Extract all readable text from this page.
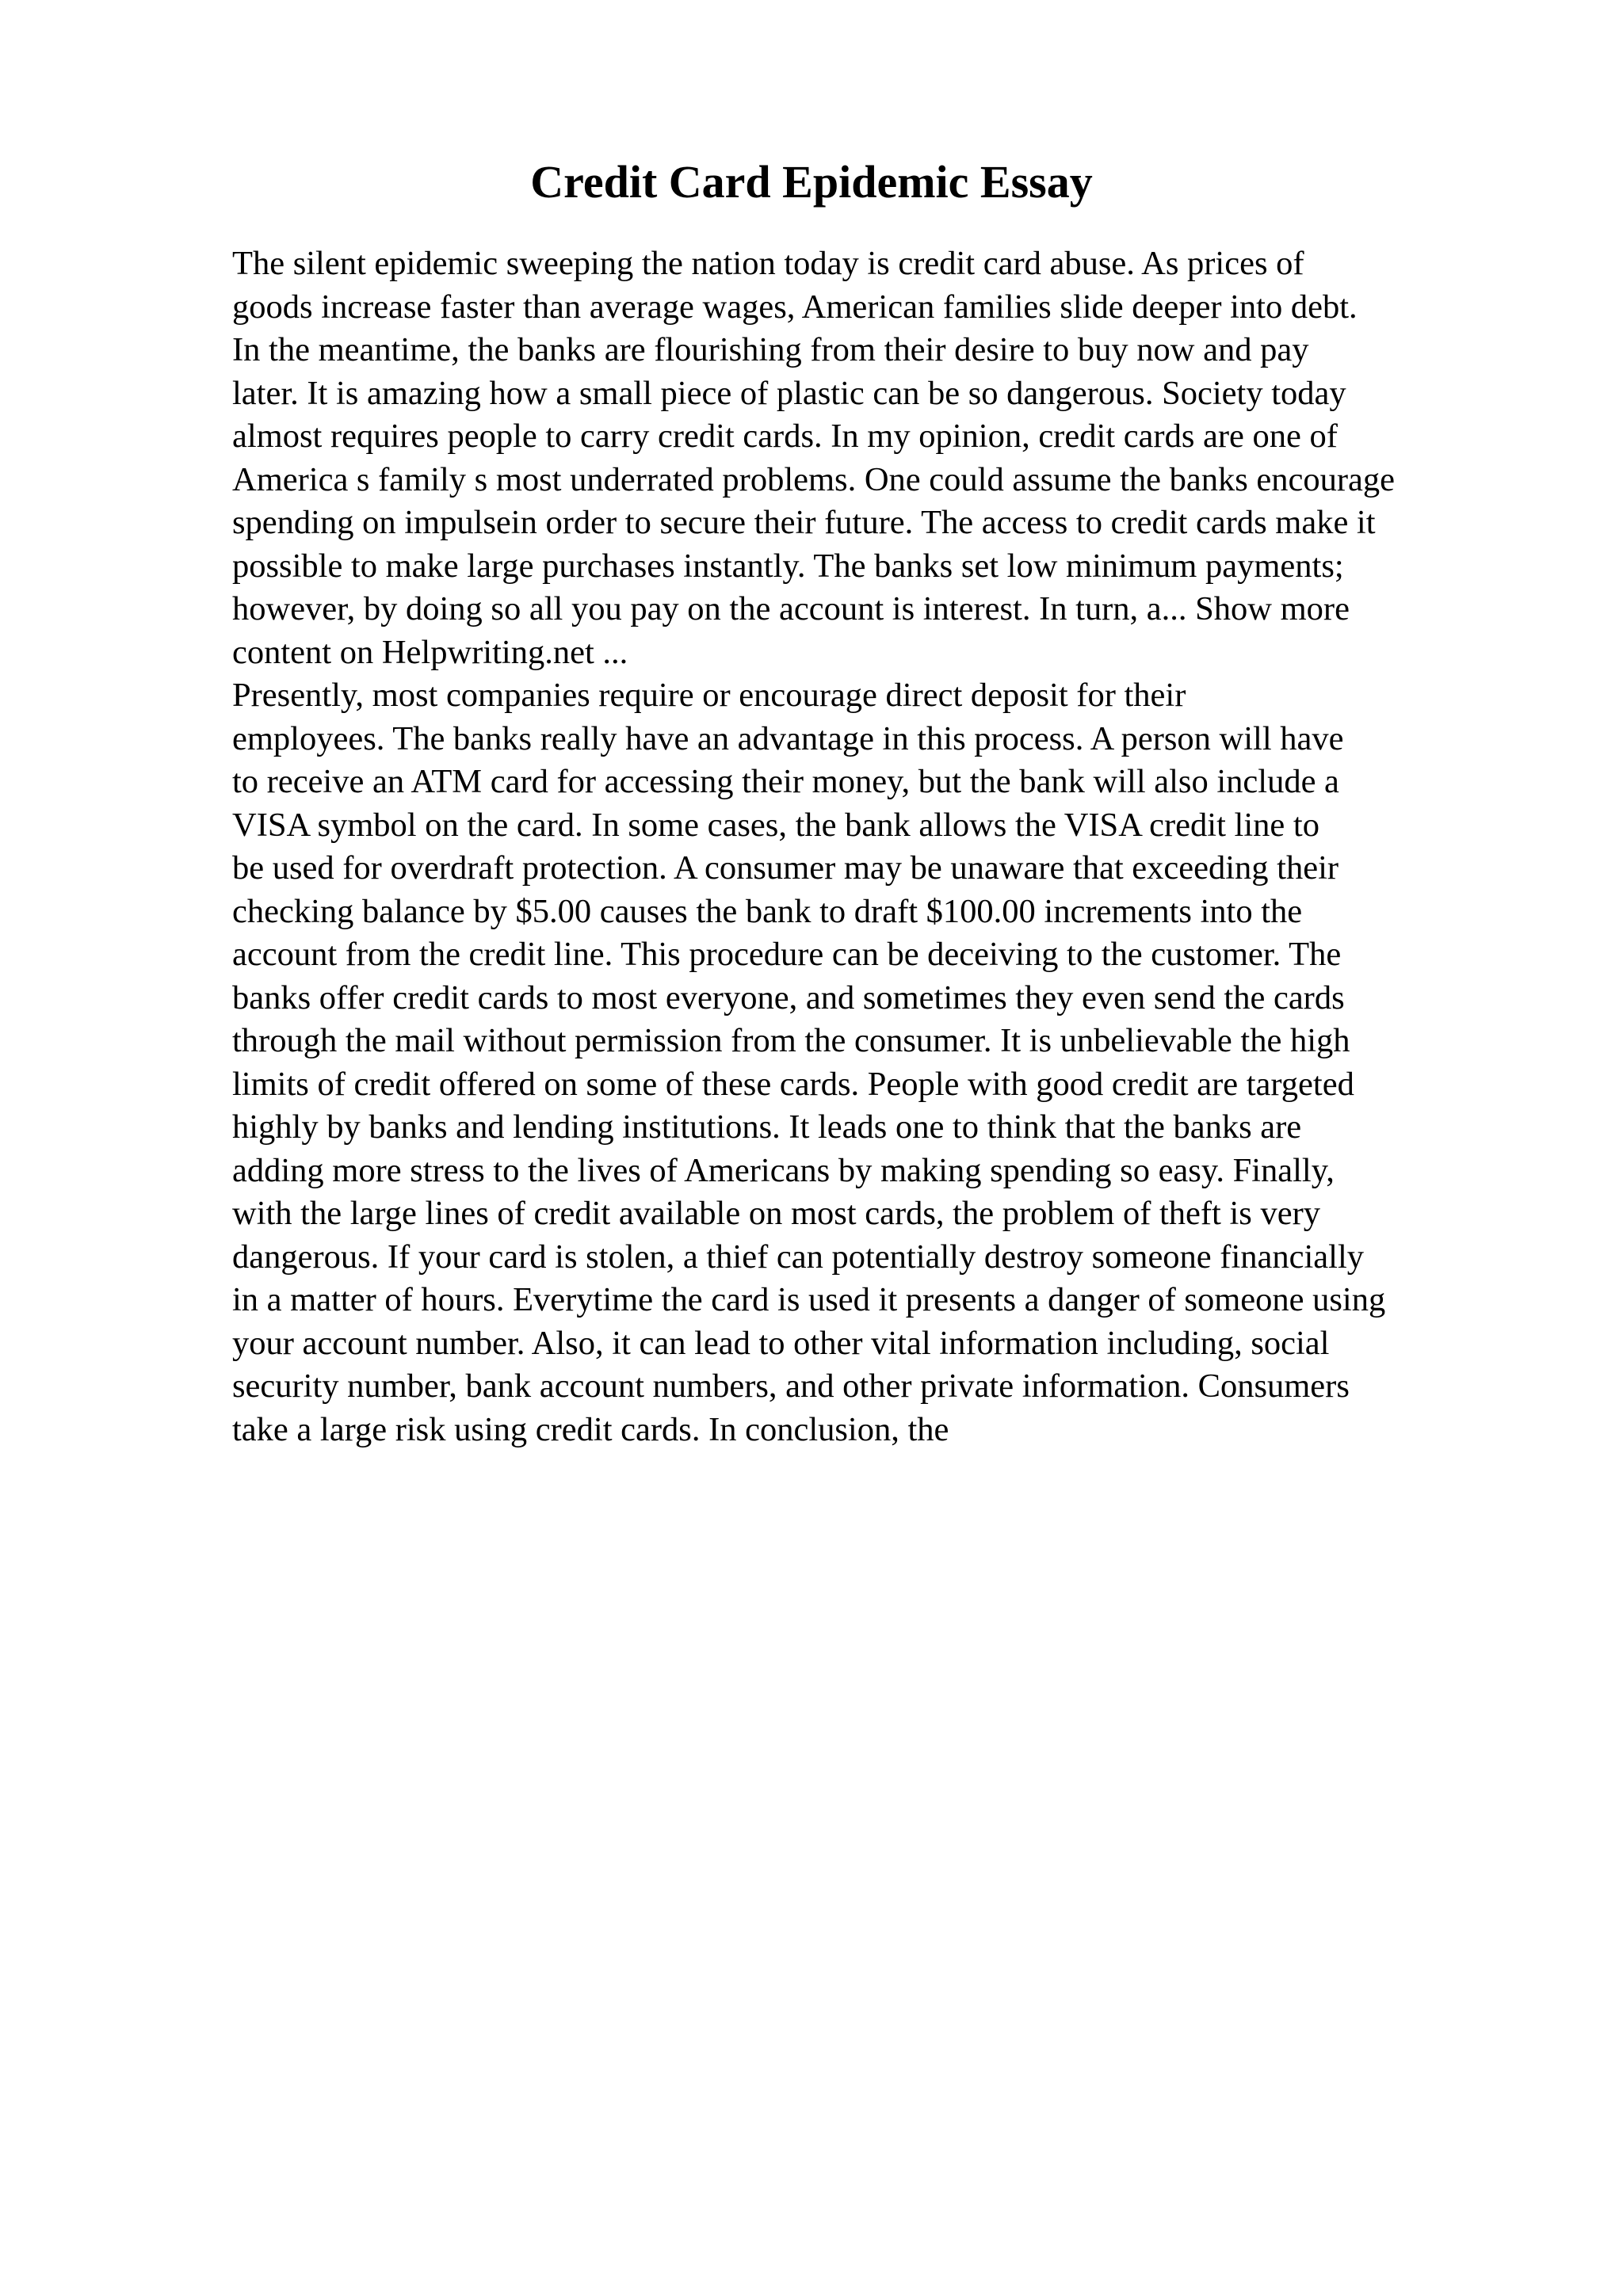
Credit Card Epidemic Essay
The silent epidemic sweeping the nation today is credit card abuse. As prices of
goods increase faster than average wages, American families slide deeper into debt.
In the meantime, the banks are flourishing from their desire to buy now and pay
later. It is amazing how a small piece of plastic can be so dangerous. Society today
almost requires people to carry credit cards. In my opinion, credit cards are one of
America s family s most underrated problems. One could assume the banks encourage
spending on impulsein order to secure their future. The access to credit cards make it
possible to make large purchases instantly. The banks set low minimum payments;
however, by doing so all you pay on the account is interest. In turn, a... Show more
content on Helpwriting.net ...
Presently, most companies require or encourage direct deposit for their
employees. The banks really have an advantage in this process. A person will have
to receive an ATM card for accessing their money, but the bank will also include a
VISA symbol on the card. In some cases, the bank allows the VISA credit line to
be used for overdraft protection. A consumer may be unaware that exceeding their
checking balance by $5.00 causes the bank to draft $100.00 increments into the
account from the credit line. This procedure can be deceiving to the customer. The
banks offer credit cards to most everyone, and sometimes they even send the cards
through the mail without permission from the consumer. It is unbelievable the high
limits of credit offered on some of these cards. People with good credit are targeted
highly by banks and lending institutions. It leads one to think that the banks are
adding more stress to the lives of Americans by making spending so easy. Finally,
with the large lines of credit available on most cards, the problem of theft is very
dangerous. If your card is stolen, a thief can potentially destroy someone financially
in a matter of hours. Everytime the card is used it presents a danger of someone using
your account number. Also, it can lead to other vital information including, social
security number, bank account numbers, and other private information. Consumers
take a large risk using credit cards. In conclusion, the
